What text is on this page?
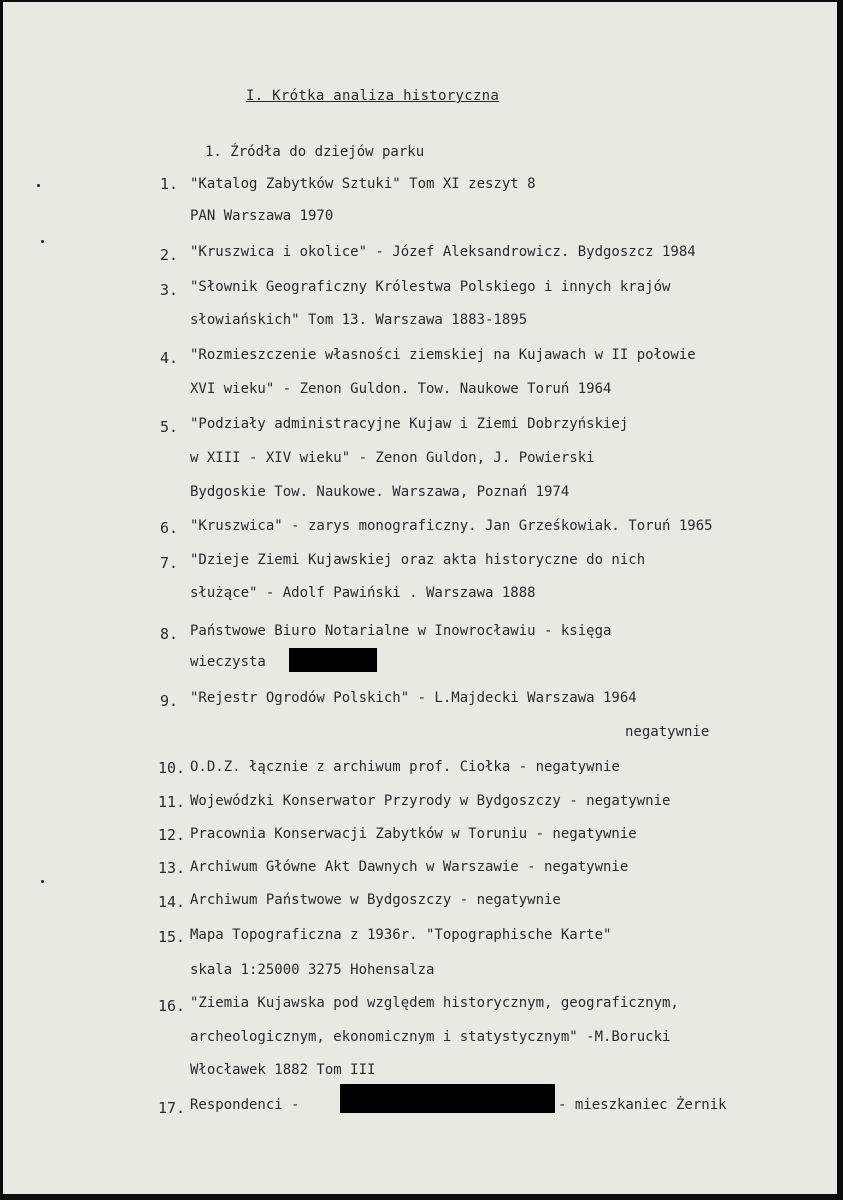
I. Krótka analiza historyczna
1. Źródła do dziejów parku
1. "Katalog Zabytków Sztuki" Tom XI zeszyt 8
PAN Warszawa 1970
2. "Kruszwica i okolice" - Józef Aleksandrowicz. Bydgoszcz 1984
3. "Słownik Geograficzny Królestwa Polskiego i innych krajów
słowiańskich" Tom 13. Warszawa 1883-1895
4. "Rozmieszczenie własności ziemskiej na Kujawach w II połowie
XVI wieku" - Zenon Guldon. Tow. Naukowe Toruń 1964
5. "Podziały administracyjne Kujaw i Ziemi Dobrzyńskiej
w XIII - XIV wieku" - Zenon Guldon, J. Powierski
Bydgoskie Tow. Naukowe. Warszawa, Poznań 1974
6. "Kruszwica" - zarys monograficzny. Jan Grześkowiak. Toruń 1965
7. "Dzieje Ziemi Kujawskiej oraz akta historyczne do nich
służące" - Adolf Pawiński . Warszawa 1888
8. Państwowe Biuro Notarialne w Inowrocławiu - księga
wieczysta
9. "Rejestr Ogrodów Polskich" - L.Majdecki Warszawa 1964
negatywnie
10. O.D.Z. łącznie z archiwum prof. Ciołka - negatywnie
11. Wojewódzki Konserwator Przyrody w Bydgoszczy - negatywnie
12. Pracownia Konserwacji Zabytków w Toruniu - negatywnie
13. Archiwum Główne Akt Dawnych w Warszawie - negatywnie
14. Archiwum Państwowe w Bydgoszczy - negatywnie
15. Mapa Topograficzna z 1936r. "Topographische Karte"
skala 1:25000 3275 Hohensalza
16. "Ziemia Kujawska pod względem historycznym, geograficznym,
archeologicznym, ekonomicznym i statystycznym" -M.Borucki
Włocławek 1882 Tom III
17. Respondenci -	- mieszkaniec Żernik
